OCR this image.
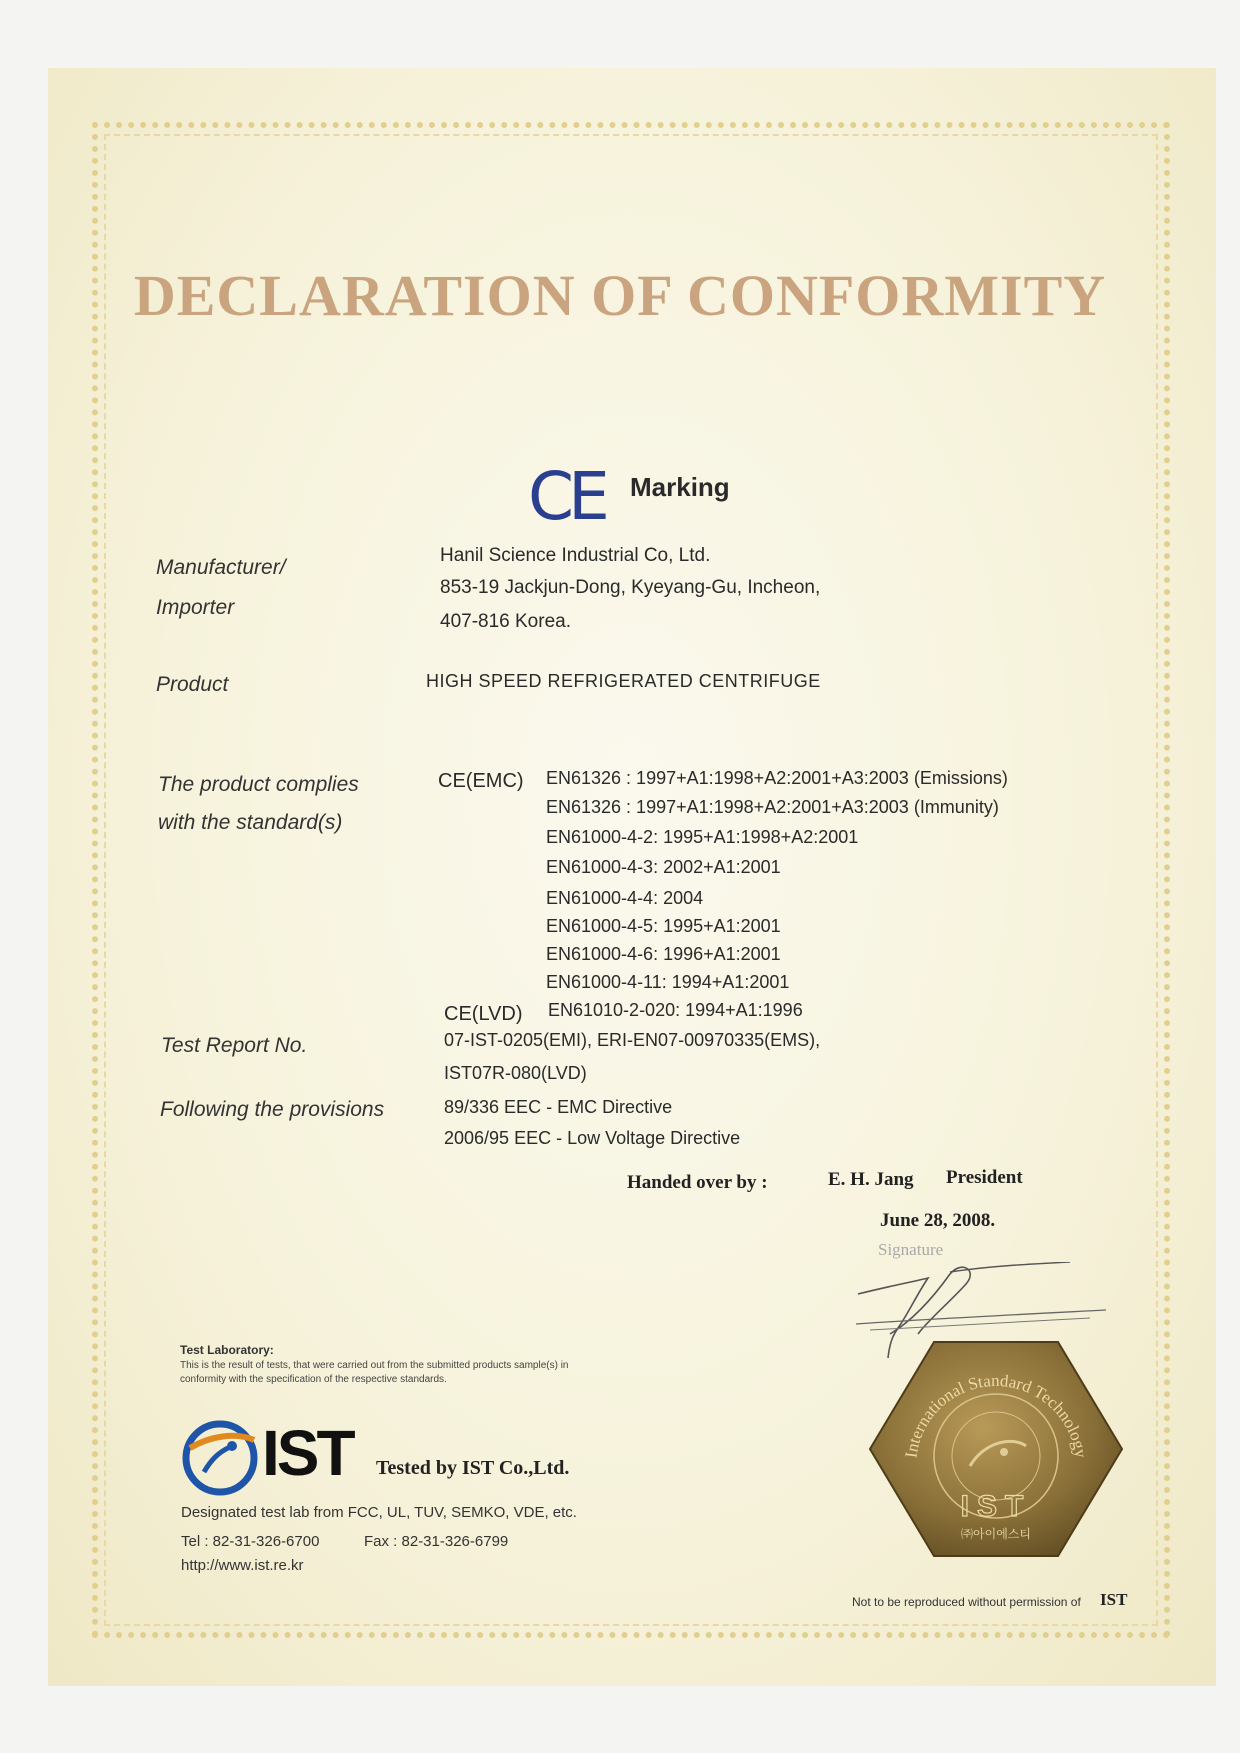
DECLARATION OF CONFORMITY
CE Marking
Manufacturer/
Importer
Hanil Science Industrial Co, Ltd.
853-19 Jackjun-Dong, Kyeyang-Gu, Incheon,
407-816 Korea.
Product	HIGH SPEED REFRIGERATED CENTRIFUGE
The product complies
with the standard(s)
CE(EMC) EN61326 : 1997+A1:1998+A2:2001+A3:2003 (Emissions)
EN61326 : 1997+A1:1998+A2:2001+A3:2003 (Immunity)
EN61000-4-2: 1995+A1:1998+A2:2001
EN61000-4-3: 2002+A1:2001
EN61000-4-4: 2004
EN61000-4-5: 1995+A1:2001
EN61000-4-6: 1996+A1:2001
EN61000-4-11: 1994+A1:2001
CE(LVD) EN61010-2-020: 1994+A1:1996
Test Report No.	07-IST-0205(EMI), ERI-EN07-00970335(EMS),
IST07R-080(LVD)
Following the provisions	89/336 EEC - EMC Directive
2006/95 EEC - Low Voltage Directive
Handed over by :	E. H. Jang President
June 28, 2008.
Signature
International Standard Technology
IST
㈜아이에스티
Test Laboratory:
This is the result of tests, that were carried out from the submitted products sample(s) in conformity with the specification of the respective standards.
IST Tested by IST Co.,Ltd.
Designated test lab from FCC, UL, TUV, SEMKO, VDE, etc.
Tel : 82-31-326-6700	Fax : 82-31-326-6799
http://www.ist.re.kr
Not to be reproduced without permission of IST
